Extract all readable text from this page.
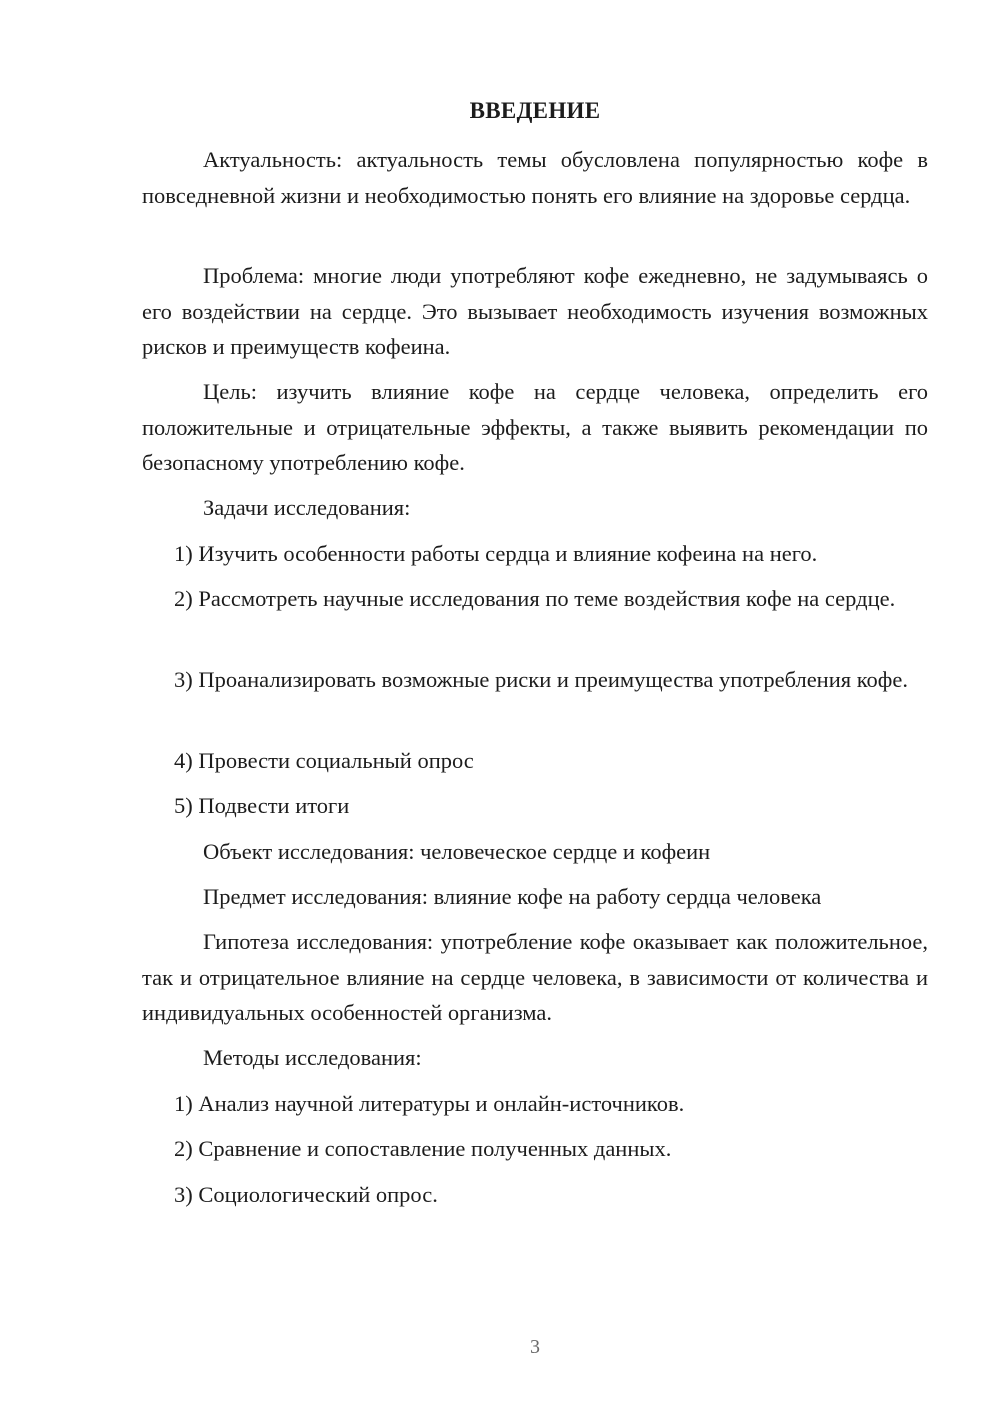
ВВЕДЕНИЕ

Актуальность: актуальность темы обусловлена популярностью кофе в повседневной жизни и необходимостью понять его влияние на здоровье сердца.

Проблема: многие люди употребляют кофе ежедневно, не задумываясь о его воздействии на сердце. Это вызывает необходимость изучения возможных рисков и преимуществ кофеина.

Цель: изучить влияние кофе на сердце человека, определить его положительные и отрицательные эффекты, а также выявить рекомендации по безопасному употреблению кофе.

Задачи исследования:

1) Изучить особенности работы сердца и влияние кофеина на него.

2) Рассмотреть научные исследования по теме воздействия кофе на сердце.

3) Проанализировать возможные риски и преимущества употребления кофе.

4) Провести социальный опрос

5) Подвести итоги

Объект исследования: человеческое сердце и кофеин

Предмет исследования: влияние кофе на работу сердца человека

Гипотеза исследования: употребление кофе оказывает как положительное, так и отрицательное влияние на сердце человека, в зависимости от количества и индивидуальных особенностей организма.

Методы исследования:

1) Анализ научной литературы и онлайн-источников.

2) Сравнение и сопоставление полученных данных.

3) Социологический опрос.

3
